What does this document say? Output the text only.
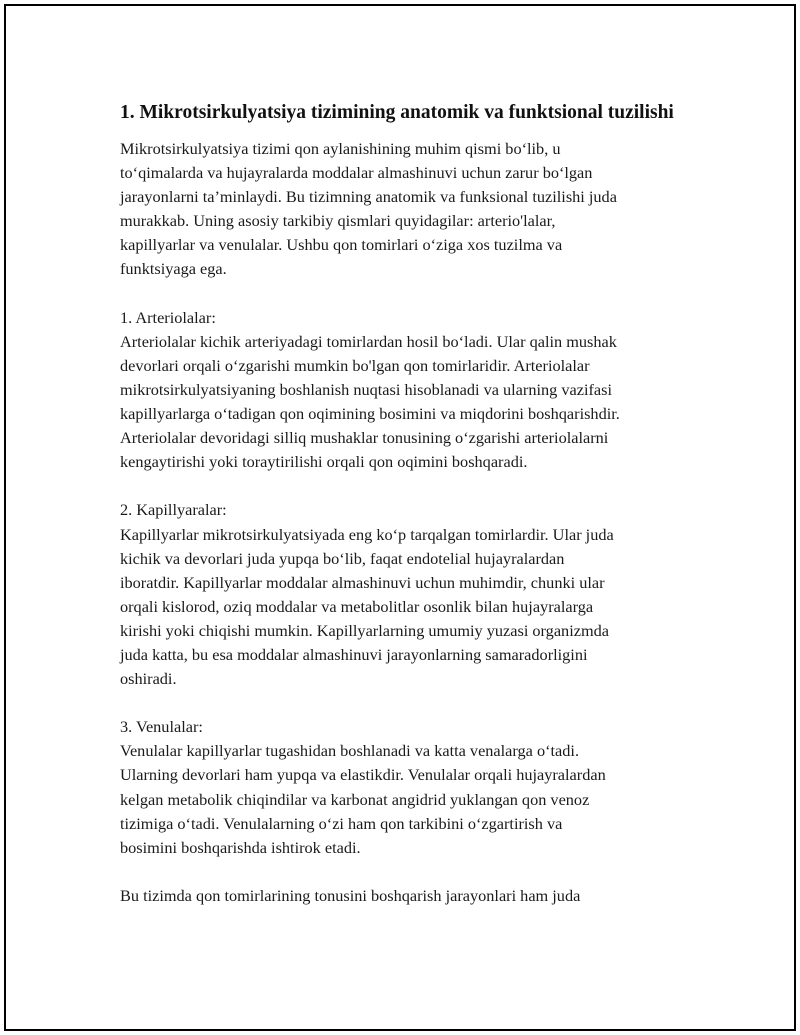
1. Mikrotsirkulyatsiya tizimining anatomik va funktsional tuzilishi

Mikrotsirkulyatsiya tizimi qon aylanishining muhim qismi bo‘lib, u
to‘qimalarda va hujayralarda moddalar almashinuvi uchun zarur bo‘lgan
jarayonlarni ta’minlaydi. Bu tizimning anatomik va funksional tuzilishi juda
murakkab. Uning asosiy tarkibiy qismlari quyidagilar: arterio'lalar,
kapillyarlar va venulalar. Ushbu qon tomirlari o‘ziga xos tuzilma va
funktsiyaga ega.

1. Arteriolalar:

Arteriolalar kichik arteriyadagi tomirlardan hosil bo‘ladi. Ular qalin mushak
devorlari orqali o‘zgarishi mumkin bo'lgan qon tomirlaridir. Arteriolalar
mikrotsirkulyatsiyaning boshlanish nuqtasi hisoblanadi va ularning vazifasi
kapillyarlarga o‘tadigan qon oqimining bosimini va miqdorini boshqarishdir.
Arteriolalar devoridagi silliq mushaklar tonusining o‘zgarishi arteriolalarni
kengaytirishi yoki toraytirilishi orqali qon oqimini boshqaradi.

2. Kapillyaralar:

Kapillyarlar mikrotsirkulyatsiyada eng ko‘p tarqalgan tomirlardir. Ular juda
kichik va devorlari juda yupqa bo‘lib, faqat endotelial hujayralardan
iboratdir. Kapillyarlar moddalar almashinuvi uchun muhimdir, chunki ular
orqali kislorod, oziq moddalar va metabolitlar osonlik bilan hujayralarga
kirishi yoki chiqishi mumkin. Kapillyarlarning umumiy yuzasi organizmda
juda katta, bu esa moddalar almashinuvi jarayonlarning samaradorligini
oshiradi.

3. Venulalar:

Venulalar kapillyarlar tugashidan boshlanadi va katta venalarga o‘tadi.
Ularning devorlari ham yupqa va elastikdir. Venulalar orqali hujayralardan
kelgan metabolik chiqindilar va karbonat angidrid yuklangan qon venoz
tizimiga o‘tadi. Venulalarning o‘zi ham qon tarkibini o‘zgartirish va
bosimini boshqarishda ishtirok etadi.

Bu tizimda qon tomirlarining tonusini boshqarish jarayonlari ham juda
